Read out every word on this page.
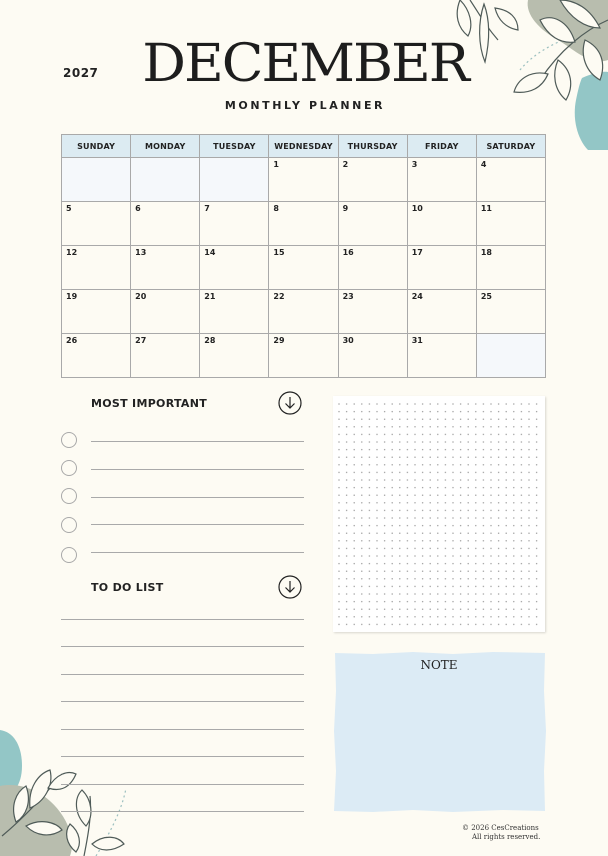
2027 DECEMBER
MONTHLY PLANNER
SUNDAY	MONDAY	TUESDAY	WEDNESDAY	THURSDAY	FRIDAY	SATURDAY
			1	2	3	4
5	6	7	8	9	10	11
12	13	14	15	16	17	18
19	20	21	22	23	24	25
26	27	28	29	30	31	
MOST IMPORTANT
TO DO LIST
NOTE
© 2026 CesCreations
All rights reserved.
